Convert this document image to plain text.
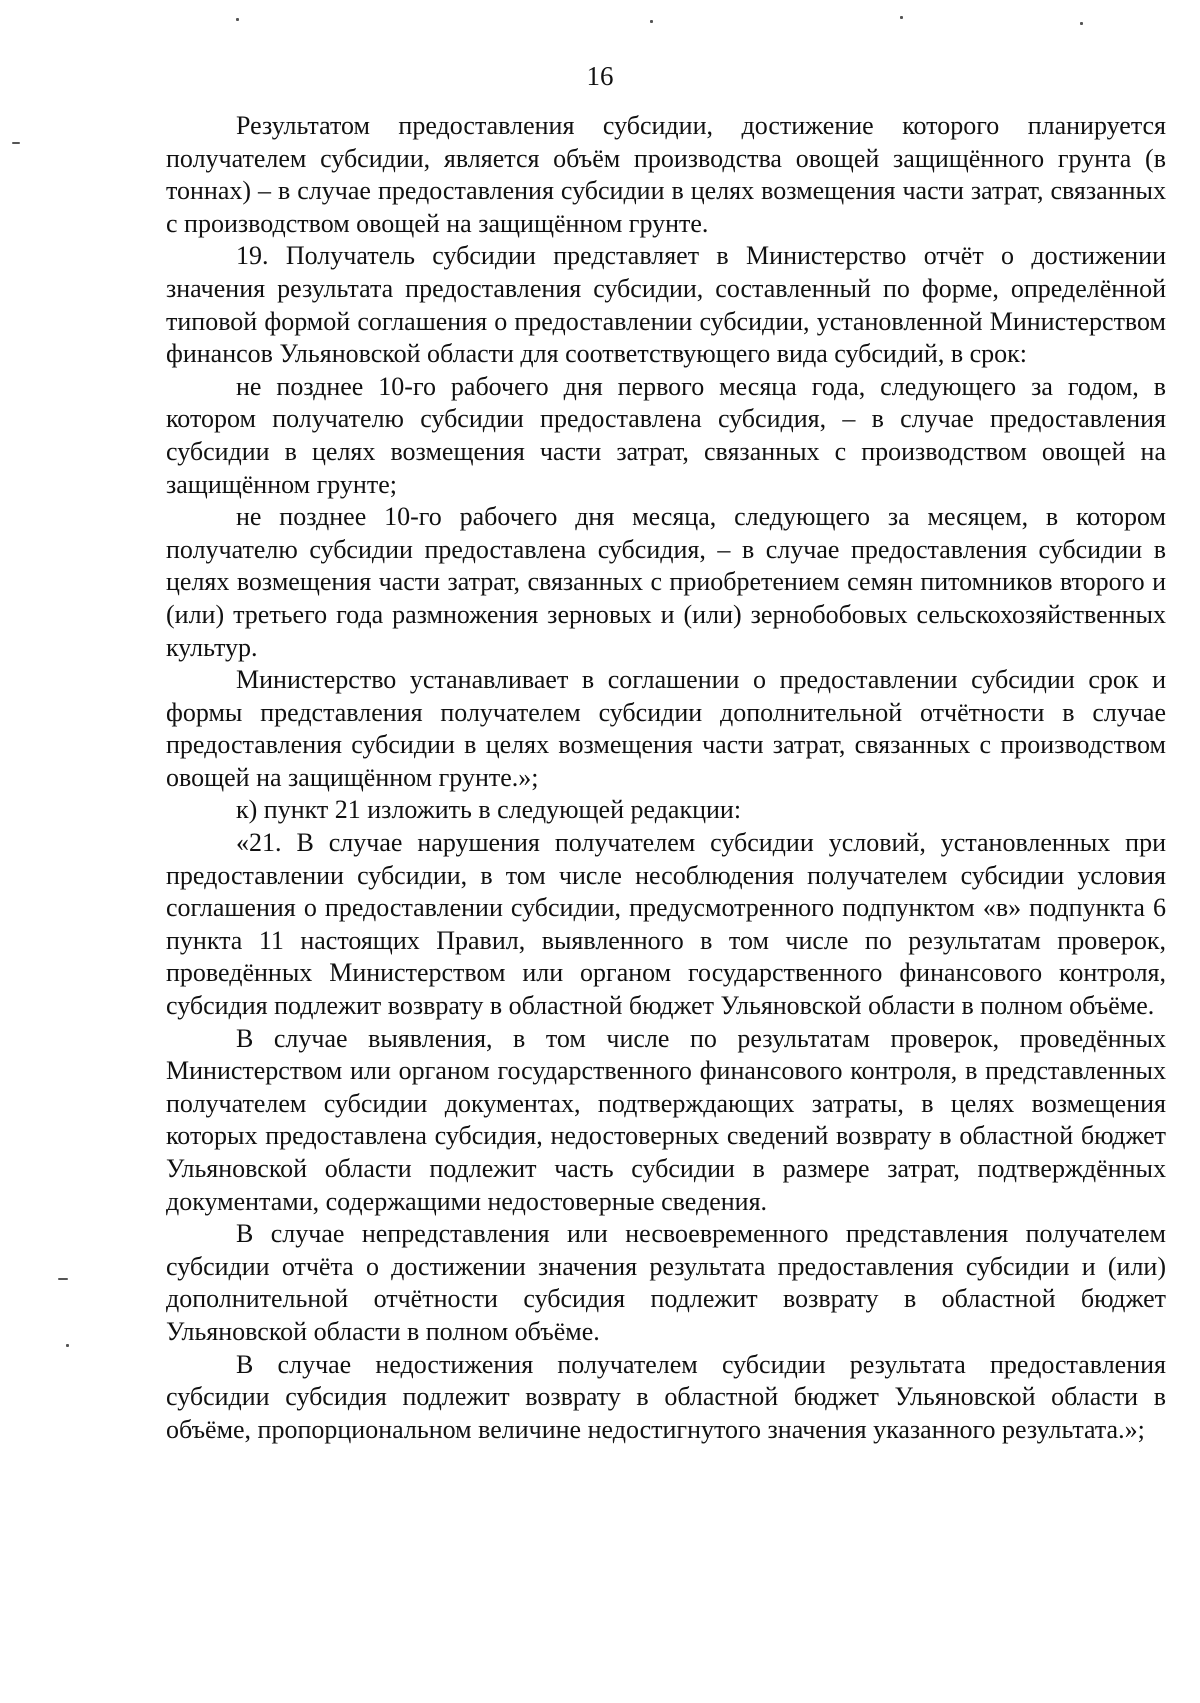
16

Результатом предоставления субсидии, достижение которого планируется получателем субсидии, является объём производства овощей защищённого грунта (в тоннах) – в случае предоставления субсидии в целях возмещения части затрат, связанных с производством овощей на защищённом грунте.

19. Получатель субсидии представляет в Министерство отчёт о достижении значения результата предоставления субсидии, составленный по форме, определённой типовой формой соглашения о предоставлении субсидии, установленной Министерством финансов Ульяновской области для соответствующего вида субсидий, в срок:

не позднее 10-го рабочего дня первого месяца года, следующего за годом, в котором получателю субсидии предоставлена субсидия, – в случае предоставления субсидии в целях возмещения части затрат, связанных с производством овощей на защищённом грунте;

не позднее 10-го рабочего дня месяца, следующего за месяцем, в котором получателю субсидии предоставлена субсидия, – в случае предоставления субсидии в целях возмещения части затрат, связанных с приобретением семян питомников второго и (или) третьего года размножения зерновых и (или) зернобобовых сельскохозяйственных культур.

Министерство устанавливает в соглашении о предоставлении субсидии срок и формы представления получателем субсидии дополнительной отчётности в случае предоставления субсидии в целях возмещения части затрат, связанных с производством овощей на защищённом грунте.»;

к) пункт 21 изложить в следующей редакции:

«21. В случае нарушения получателем субсидии условий, установленных при предоставлении субсидии, в том числе несоблюдения получателем субсидии условия соглашения о предоставлении субсидии, предусмотренного подпунктом «в» подпункта 6 пункта 11 настоящих Правил, выявленного в том числе по результатам проверок, проведённых Министерством или органом государственного финансового контроля, субсидия подлежит возврату в областной бюджет Ульяновской области в полном объёме.

В случае выявления, в том числе по результатам проверок, проведённых Министерством или органом государственного финансового контроля, в представленных получателем субсидии документах, подтверждающих затраты, в целях возмещения которых предоставлена субсидия, недостоверных сведений возврату в областной бюджет Ульяновской области подлежит часть субсидии в размере затрат, подтверждённых документами, содержащими недостоверные сведения.

В случае непредставления или несвоевременного представления получателем субсидии отчёта о достижении значения результата предоставления субсидии и (или) дополнительной отчётности субсидия подлежит возврату в областной бюджет Ульяновской области в полном объёме.

В случае недостижения получателем субсидии результата предоставления субсидии субсидия подлежит возврату в областной бюджет Ульяновской области в объёме, пропорциональном величине недостигнутого значения указанного результата.»;
